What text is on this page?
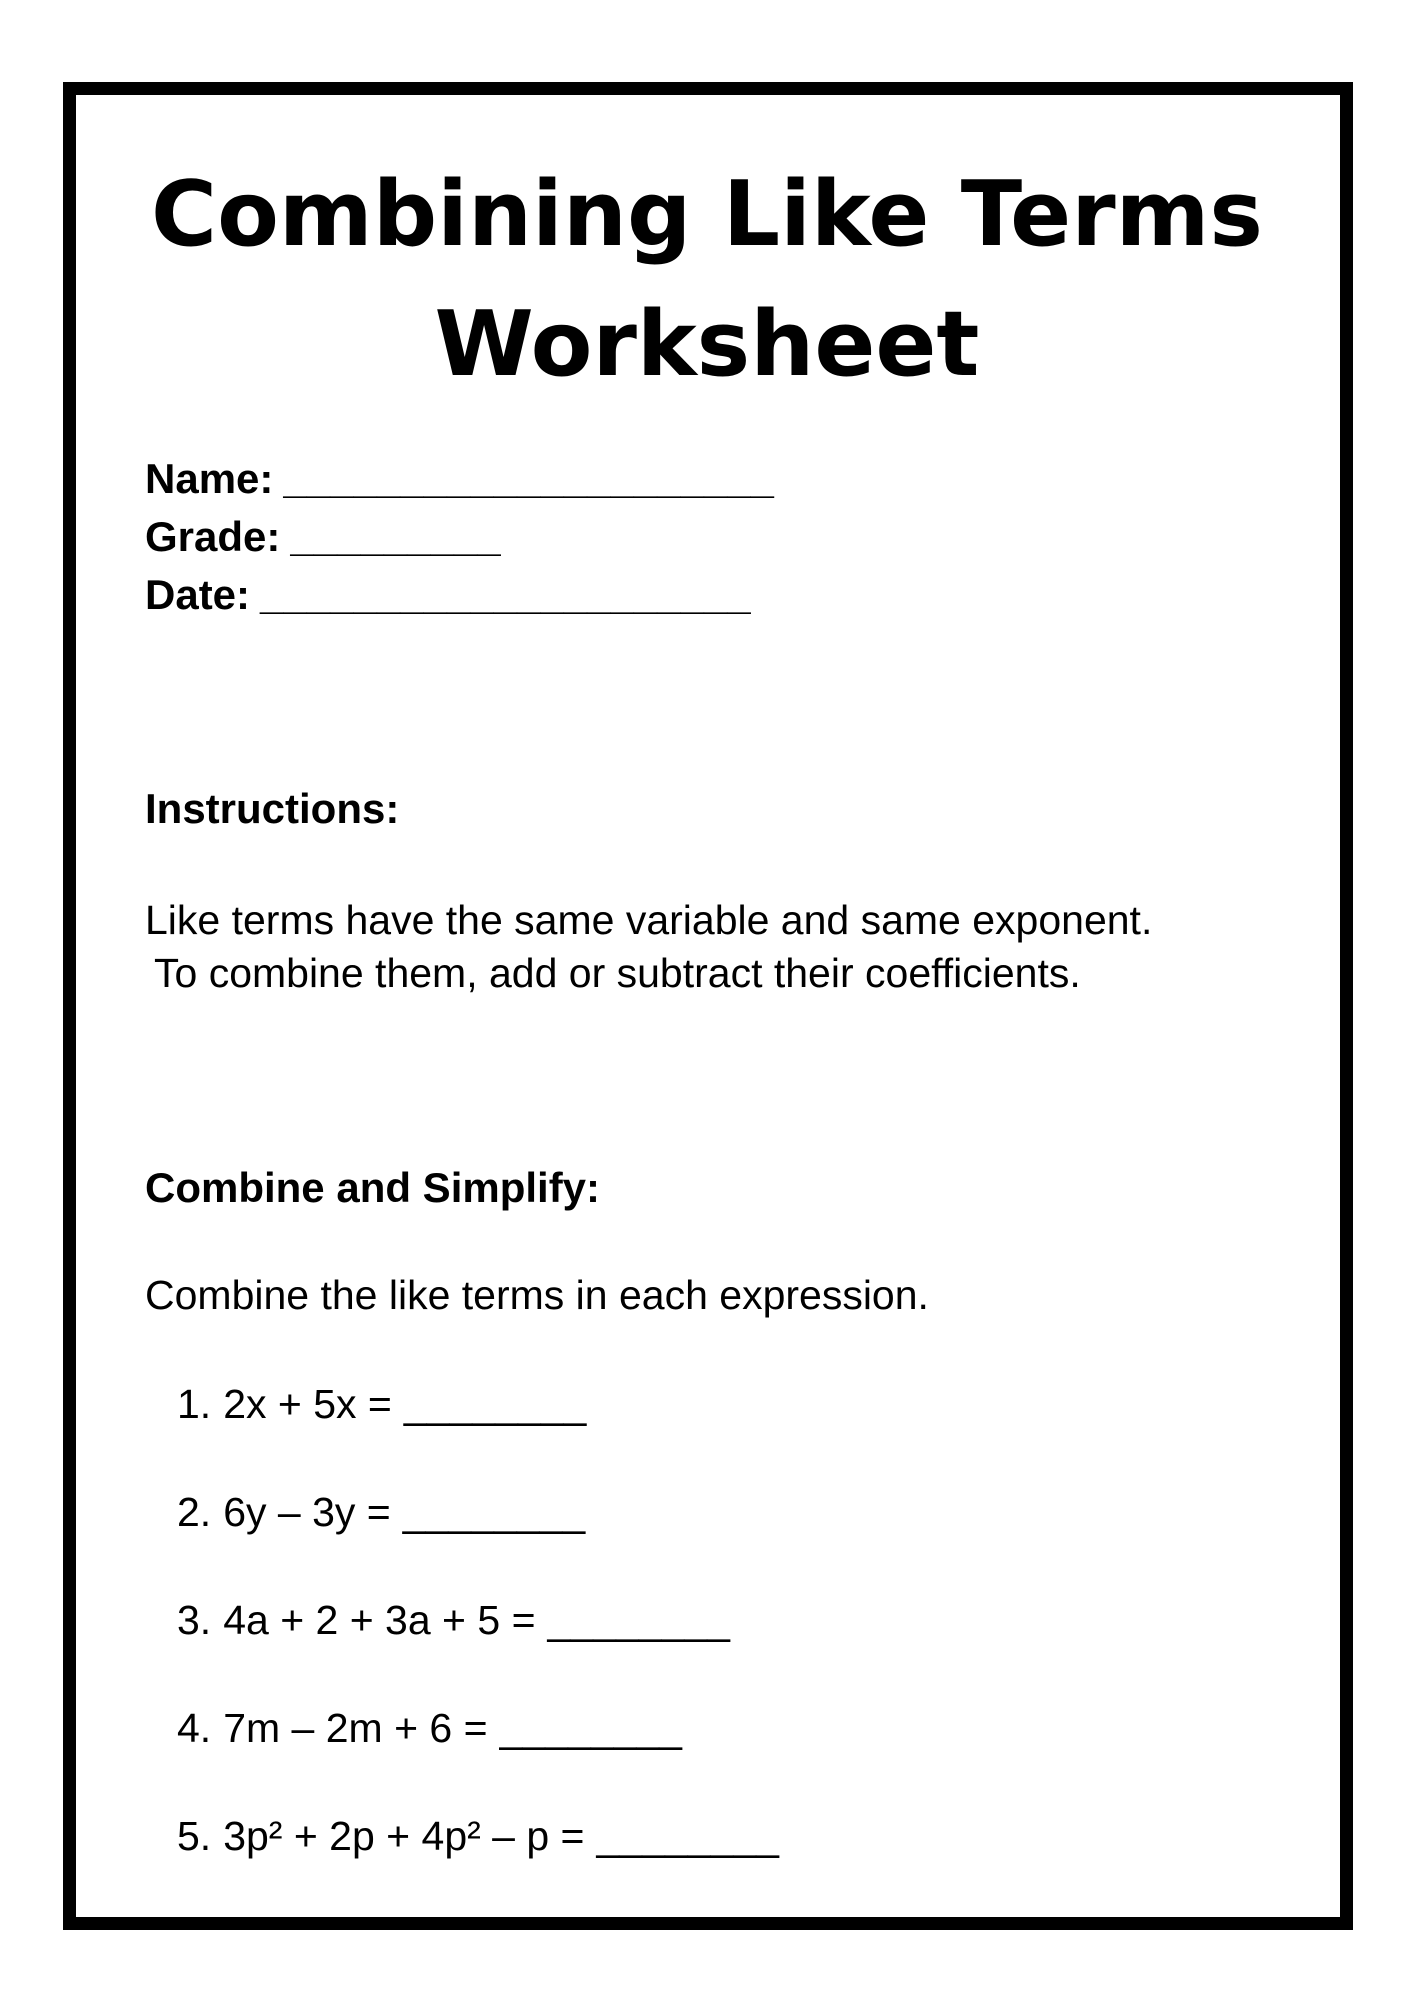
Combining Like Terms
Worksheet
Name: _____________________
Grade: _________
Date: _____________________
Instructions:
Like terms have the same variable and same exponent.
To combine them, add or subtract their coefficients.
Combine and Simplify:
Combine the like terms in each expression.
1. 2x + 5x = ________
2. 6y – 3y = ________
3. 4a + 2 + 3a + 5 = ________
4. 7m – 2m + 6 = ________
5. 3p² + 2p + 4p² – p = ________
